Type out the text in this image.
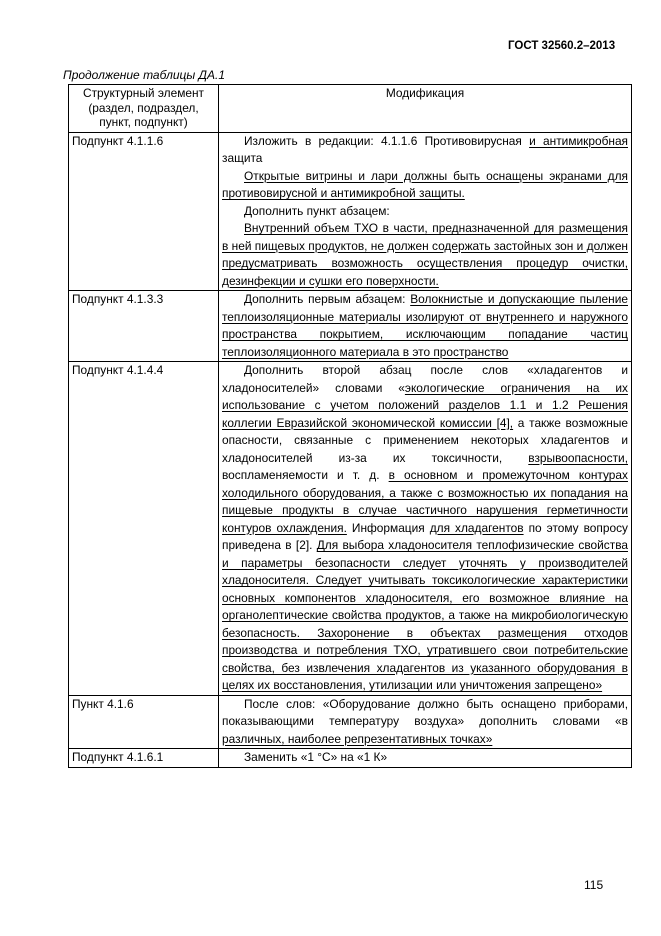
ГОСТ 32560.2–2013
Продолжение таблицы ДА.1
Структурный элемент (раздел, подраздел, пункт, подпункт)	Модификация
Подпункт 4.1.1.6	Изложить в редакции: 4.1.1.6 Противовирусная и антимикробная защита

Открытые витрины и лари должны быть оснащены экранами для противовирусной и антимикробной защиты.

Дополнить пункт абзацем:

Внутренний объем ТХО в части, предназначенной для размещения в ней пищевых продуктов, не должен содержать застойных зон и должен предусматривать возможность осуществления процедур очистки, дезинфекции и сушки его поверхности.

Подпункт 4.1.3.3	Дополнить первым абзацем: Волокнистые и допускающие пыление теплоизоляционные материалы изолируют от внутреннего и наружного пространства покрытием, исключающим попадание частиц теплоизоляционного материала в это пространство

Подпункт 4.1.4.4	Дополнить второй абзац после слов «хладагентов и хладоносителей» словами «экологические ограничения на их использование с учетом положений разделов 1.1 и 1.2 Решения коллегии Евразийской экономической комиссии [4], а также возможные опасности, связанные с применением некоторых хладагентов и хладоносителей из-за их токсичности, взрывоопасности, воспламеняемости и т. д. в основном и промежуточном контурах холодильного оборудования, а также с возможностью их попадания на пищевые продукты в случае частичного нарушения герметичности контуров охлаждения. Информация для хладагентов по этому вопросу приведена в [2]. Для выбора хладоносителя теплофизические свойства и параметры безопасности следует уточнять у производителей хладоносителя. Следует учитывать токсикологические характеристики основных компонентов хладоносителя, его возможное влияние на органолептические свойства продуктов, а также на микробиологическую безопасность. Захоронение в объектах размещения отходов производства и потребления ТХО, утратившего свои потребительские свойства, без извлечения хладагентов из указанного оборудования в целях их восстановления, утилизации или уничтожения запрещено»

Пункт 4.1.6	После слов: «Оборудование должно быть оснащено приборами, показывающими температуру воздуха» дополнить словами «в различных, наиболее репрезентативных точках»

Подпункт 4.1.6.1	Заменить «1 °С» на «1 К»

115
